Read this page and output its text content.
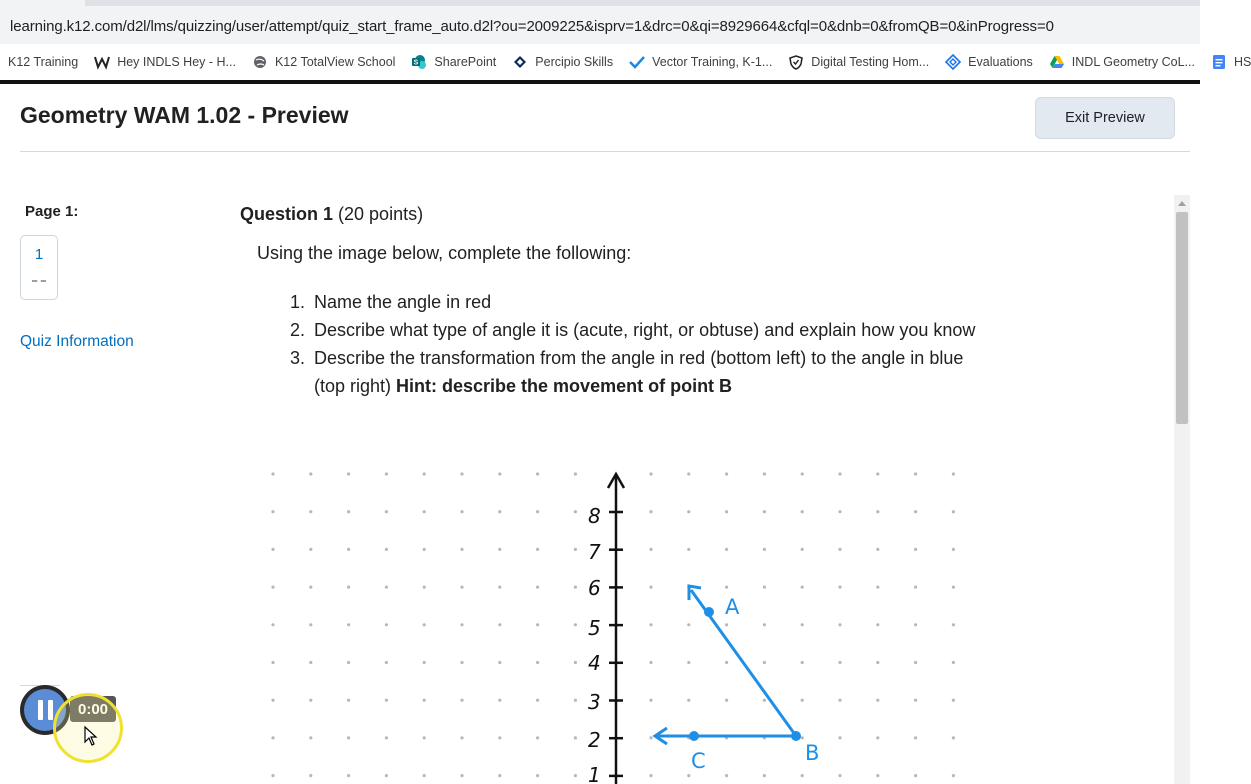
learning.k12.com/d2l/lms/quizzing/user/attempt/quiz_start_frame_auto.d2l?ou=2009225&isprv=1&drc=0&qi=8929664&cfql=0&dnb=0&fromQB=0&inProgress=0
K12 Training	Hey INDLS Hey - H...	K12 TotalView School	S SharePoint	Percipio Skills	Vector Training, K-1...	Digital Testing Hom...	Evaluations	INDL Geometry CoL...	HS
Geometry WAM 1.02 - Preview	Exit Preview
Page 1:
1
Quiz Information
Question 1 (20 points)
Using the image below, complete the following:
1. Name the angle in red
2. Describe what type of angle it is (acute, right, or obtuse) and explain how you know
3. Describe the transformation from the angle in red (bottom left) to the angle in blue (top right) Hint: describe the movement of point B
8
7
6
5
4
3
2
1
A
B
C
0:00
